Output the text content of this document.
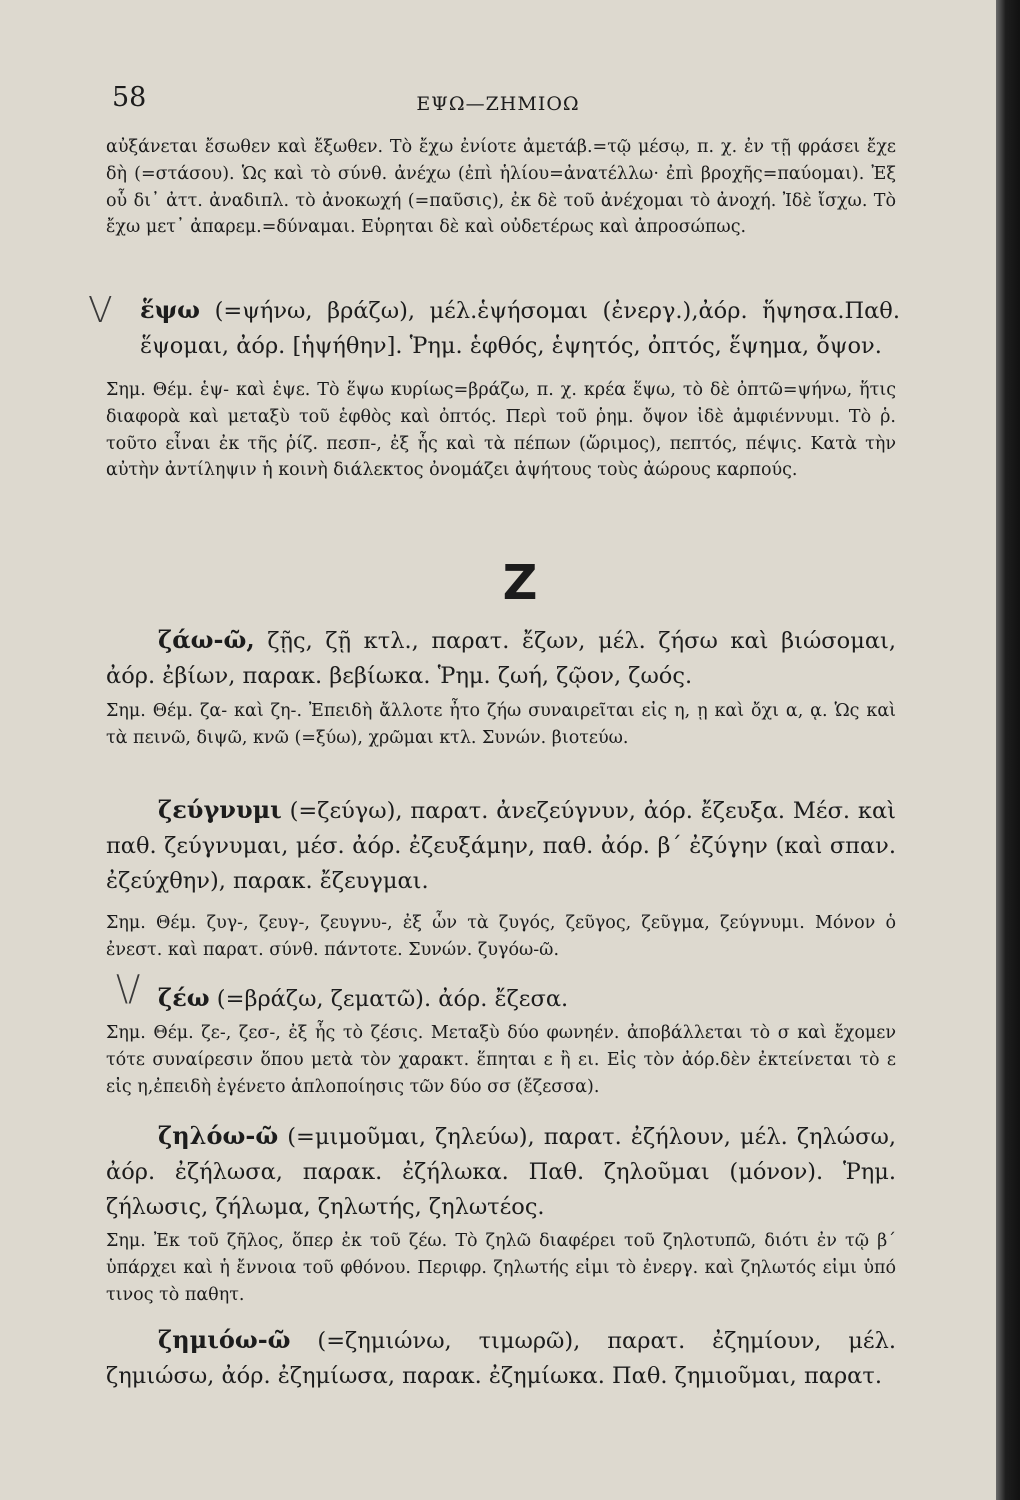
58	ΕΨΩ—ΖΗΜΙΟΩ
αὐξάνεται ἔσωθεν καὶ ἔξωθεν. Τὸ ἔχω ἐνίοτε ἀμετάβ.=τῷ μέσῳ, π. χ. ἐν τῇ φράσει ἔχε δὴ (=στάσου). Ὡς καὶ τὸ σύνθ. ἀνέχω (ἐπὶ ἡλίου=ἀνατέλλω· ἐπὶ βροχῆς=παύομαι). Ἐξ οὗ δι᾽ ἀττ. ἀναδιπλ. τὸ ἀνοκωχή (=παῦσις), ἐκ δὲ τοῦ ἀνέχομαι τὸ ἀνοχή. Ἰδὲ ἴσχω. Τὸ ἔχω μετ᾽ ἀπαρεμ.=δύναμαι. Εὑρηται δὲ καὶ οὐδετέρως καὶ ἀπροσώπως.
V ἕψω (=ψήνω, βράζω), μέλ.ἑψήσομαι (ἐνεργ.),ἀόρ. ἥψησα.Παθ. ἕψομαι, ἀόρ. [ἡψήθην]. Ῥημ. ἑφθός, ἑψητός, ὀπτός, ἕψημα, ὄψον.
Σημ. Θέμ. ἑψ- καὶ ἑψε. Τὸ ἕψω κυρίως=βράζω, π. χ. κρέα ἕψω, τὸ δὲ ὀπτῶ=ψήνω, ἥτις διαφορὰ καὶ μεταξὺ τοῦ ἑφθὸς καὶ ὀπτός. Περὶ τοῦ ῥημ. ὄψον ἰδὲ ἀμφιέννυμι. Τὸ ῥ. τοῦτο εἶναι ἐκ τῆς ῥίζ. πεσπ-, ἐξ ἧς καὶ τὰ πέπων (ὥριμος), πεπτός, πέψις. Κατὰ τὴν αὐτὴν ἀντίληψιν ἡ κοινὴ διάλεκτος ὀνομάζει ἀψήτους τοὺς ἀώρους καρπούς.
Z
ζάω-ῶ, ζῇς, ζῇ κτλ., παρατ. ἔζων, μέλ. ζήσω καὶ βιώσομαι, ἀόρ. ἐβίων, παρακ. βεβίωκα. Ῥημ. ζωή, ζῷον, ζωός.
Σημ. Θέμ. ζα- καὶ ζη-. Ἐπειδὴ ἄλλοτε ἦτο ζήω συναιρεῖται εἰς η, ῃ καὶ ὄχι α, ᾳ. Ὡς καὶ τὰ πεινῶ, διψῶ, κνῶ (=ξύω), χρῶμαι κτλ. Συνών. βιοτεύω.
ζεύγνυμι (=ζεύγω), παρατ. ἀνεζεύγνυν, ἀόρ. ἔζευξα. Μέσ. καὶ παθ. ζεύγνυμαι, μέσ. ἀόρ. ἐζευξάμην, παθ. ἀόρ. β΄ ἐζύγην (καὶ σπαν. ἐζεύχθην), παρακ. ἔζευγμαι.
Σημ. Θέμ. ζυγ-, ζευγ-, ζευγνυ-, ἐξ ὧν τὰ ζυγός, ζεῦγος, ζεῦγμα, ζεύγνυμι. Μόνον ὁ ἐνεστ. καὶ παρατ. σύνθ. πάντοτε. Συνών. ζυγόω-ῶ.
\/ ζέω (=βράζω, ζεματῶ). ἀόρ. ἔζεσα.
Σημ. Θέμ. ζε-, ζεσ-, ἐξ ἧς τὸ ζέσις. Μεταξὺ δύο φωνηέν. ἀποβάλλεται τὸ σ καὶ ἔχομεν τότε συναίρεσιν ὅπου μετὰ τὸν χαρακτ. ἕπηται ε ἢ ει. Εἰς τὸν ἀόρ.δὲν ἐκτείνεται τὸ ε εἰς η,ἐπειδὴ ἐγένετο ἁπλοποίησις τῶν δύο σσ (ἔζεσσα).
ζηλόω-ῶ (=μιμοῦμαι, ζηλεύω), παρατ. ἐζήλουν, μέλ. ζηλώσω, ἀόρ. ἐζήλωσα, παρακ. ἐζήλωκα. Παθ. ζηλοῦμαι (μόνον). Ῥημ. ζήλωσις, ζήλωμα, ζηλωτής, ζηλωτέος.
Σημ. Ἐκ τοῦ ζῆλος, ὅπερ ἐκ τοῦ ζέω. Τὸ ζηλῶ διαφέρει τοῦ ζηλοτυπῶ, διότι ἐν τῷ β΄ ὑπάρχει καὶ ἡ ἔννοια τοῦ φθόνου. Περιφρ. ζηλωτής εἰμι τὸ ἐνεργ. καὶ ζηλωτός εἰμι ὑπό τινος τὸ παθητ.
ζημιόω-ῶ (=ζημιώνω, τιμωρῶ), παρατ. ἐζημίουν, μέλ. ζημιώσω, ἀόρ. ἐζημίωσα, παρακ. ἐζημίωκα. Παθ. ζημιοῦμαι, παρατ.
